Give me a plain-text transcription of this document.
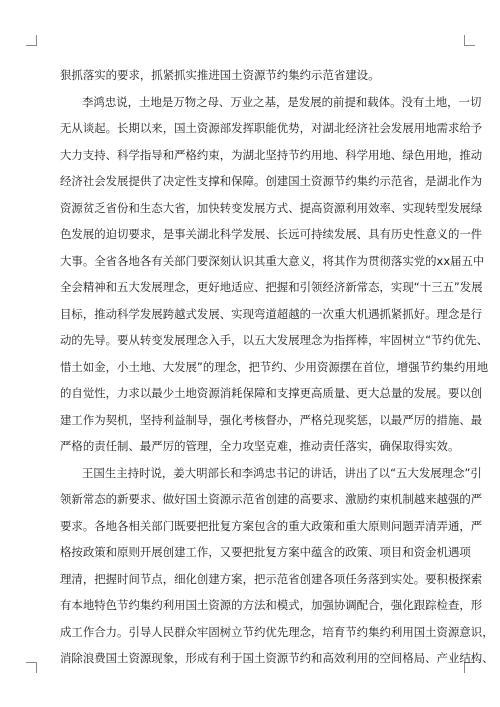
狠抓落实的要求，抓紧抓实推进国土资源节约集约示范省建设。
李鸿忠说，土地是万物之母、万业之基，是发展的前提和载体。没有土地，一切
无从谈起。长期以来，国土资源部发挥职能优势，对湖北经济社会发展用地需求给予
大力支持、科学指导和严格约束，为湖北坚持节约用地、科学用地、绿色用地，推动
经济社会发展提供了决定性支撑和保障。创建国土资源节约集约示范省，是湖北作为
资源贫乏省份和生态大省，加快转变发展方式、提高资源利用效率、实现转型发展绿
色发展的迫切要求，是事关湖北科学发展、长远可持续发展、具有历史性意义的一件
大事。全省各地各有关部门要深刻认识其重大意义，将其作为贯彻落实党的xx届五中
全会精神和五大发展理念，更好地适应、把握和引领经济新常态，实现“十三五”发展
目标，推动科学发展跨越式发展、实现弯道超越的一次重大机遇抓紧抓好。理念是行
动的先导。要从转变发展理念入手，以五大发展理念为指挥棒，牢固树立“节约优先、
惜土如金，小土地、大发展”的理念，把节约、少用资源摆在首位，增强节约集约用地
的自觉性，力求以最少土地资源消耗保障和支撑更高质量、更大总量的发展。要以创
建工作为契机，坚持利益制导，强化考核督办，严格兑现奖惩，以最严厉的措施、最
严格的责任制、最严厉的管理，全力攻坚克难，推动责任落实，确保取得实效。
王国生主持时说，姜大明部长和李鸿忠书记的讲话，讲出了以“五大发展理念”引
领新常态的新要求、做好国土资源示范省创建的高要求、激励约束机制越来越强的严
要求。各地各相关部门既要把批复方案包含的重大政策和重大原则问题弄清弄通，严
格按政策和原则开展创建工作，又要把批复方案中蕴含的政策、项目和资金机遇项
理清，把握时间节点，细化创建方案，把示范省创建各项任务落到实处。要积极探索
有本地特色节约集约利用国土资源的方法和模式，加强协调配合，强化跟踪检查，形
成工作合力。引导人民群众牢固树立节约优先理念，培育节约集约利用国土资源意识，
消除浪费国土资源现象，形成有利于国土资源节约和高效利用的空间格局、产业结构、
